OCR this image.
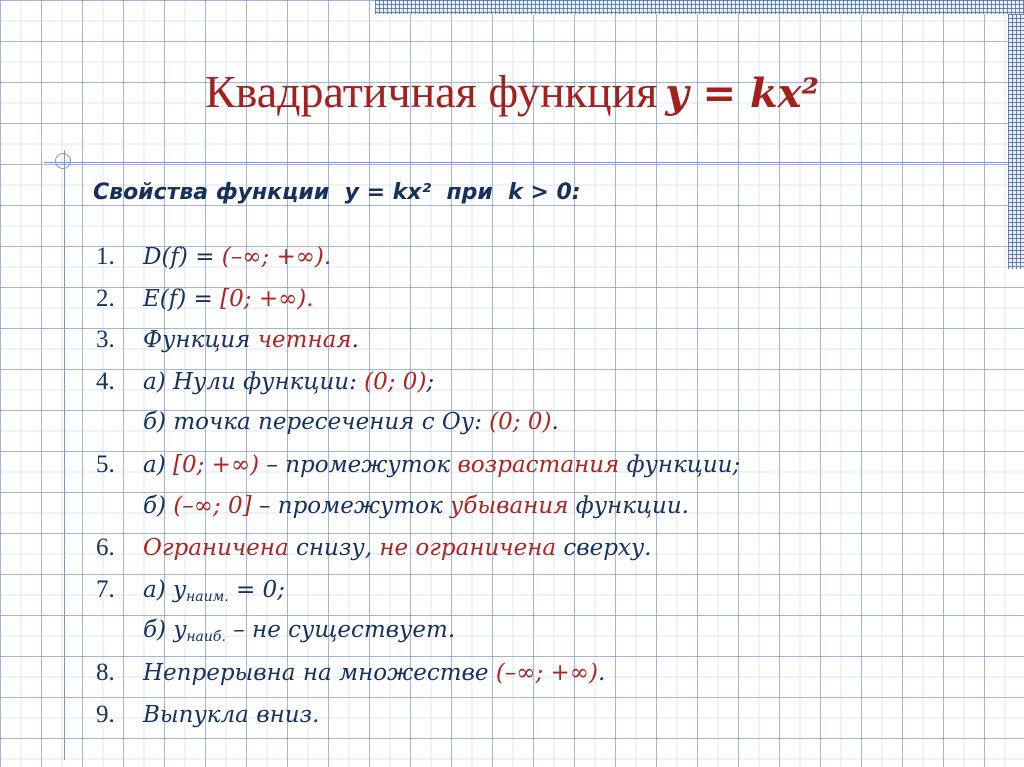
Квадратичная функция y = kx²

Свойства функции  y = kx²  при  k > 0:

1. D(f) = (–∞; +∞).
2. E(f) = [0; +∞).
3. Функция четная.
4. а) Нули функции: (0; 0);
б) точка пересечения с Оу: (0; 0).
5. а) [0; +∞) – промежуток возрастания функции;
б) (–∞; 0] – промежуток убывания функции.
6. Ограничена снизу, не ограничена сверху.
7. а) $y_{наим.} = 0$;
б) $y_{наиб.}$ – не существует.
8. Непрерывна на множестве (–∞; +∞).
9. Выпукла вниз.
